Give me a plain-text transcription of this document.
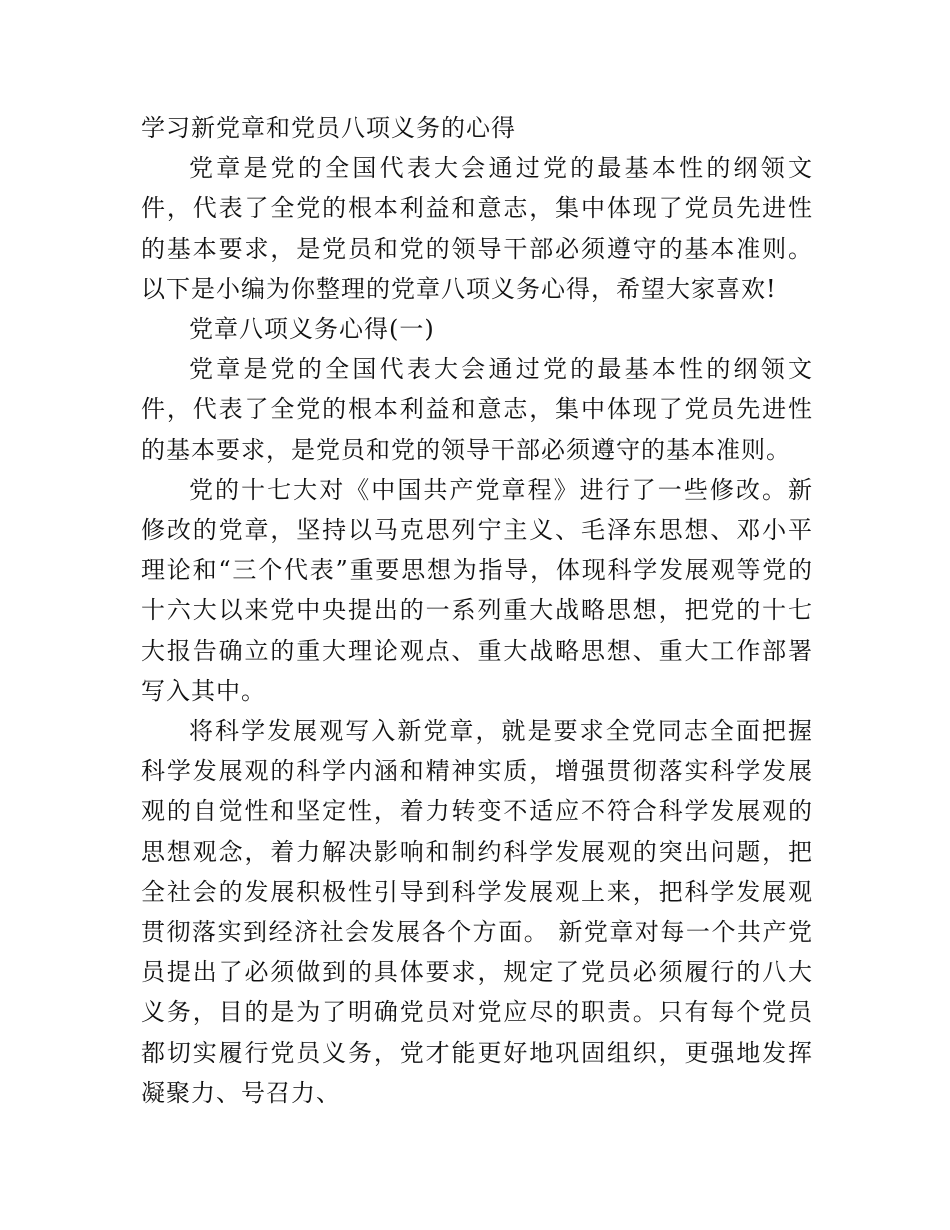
学习新党章和党员八项义务的心得

党章是党的全国代表大会通过党的最基本性的纲领文件，代表了全党的根本利益和意志，集中体现了党员先进性的基本要求，是党员和党的领导干部必须遵守的基本准则。以下是小编为你整理的党章八项义务心得，希望大家喜欢!

党章八项义务心得(一)

党章是党的全国代表大会通过党的最基本性的纲领文件，代表了全党的根本利益和意志，集中体现了党员先进性的基本要求，是党员和党的领导干部必须遵守的基本准则。

党的十七大对《中国共产党章程》进行了一些修改。新修改的党章，坚持以马克思列宁主义、毛泽东思想、邓小平理论和“三个代表”重要思想为指导，体现科学发展观等党的十六大以来党中央提出的一系列重大战略思想，把党的十七大报告确立的重大理论观点、重大战略思想、重大工作部署写入其中。

将科学发展观写入新党章，就是要求全党同志全面把握科学发展观的科学内涵和精神实质，增强贯彻落实科学发展观的自觉性和坚定性，着力转变不适应不符合科学发展观的思想观念，着力解决影响和制约科学发展观的突出问题，把全社会的发展积极性引导到科学发展观上来，把科学发展观贯彻落实到经济社会发展各个方面。 新党章对每一个共产党员提出了必须做到的具体要求，规定了党员必须履行的八大义务，目的是为了明确党员对党应尽的职责。只有每个党员都切实履行党员义务，党才能更好地巩固组织，更强地发挥凝聚力、号召力、
